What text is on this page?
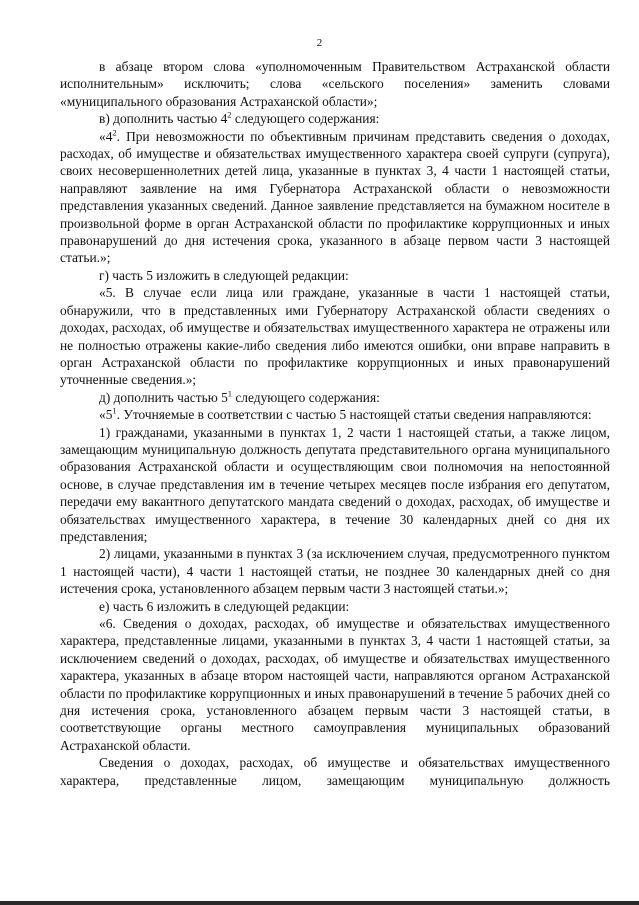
2

в абзаце втором слова «уполномоченным Правительством Астраханской области исполнительным» исключить; слова «сельского поселения» заменить словами «муниципального образования Астраханской области»;

в) дополнить частью $4^2$ следующего содержания:

«$4^2$. При невозможности по объективным причинам представить сведения о доходах, расходах, об имуществе и обязательствах имущественного характера своей супруги (супруга), своих несовершеннолетних детей лица, указанные в пунктах 3, 4 части 1 настоящей статьи, направляют заявление на имя Губернатора Астраханской области о невозможности представления указанных сведений. Данное заявление представляется на бумажном носителе в произвольной форме в орган Астраханской области по профилактике коррупционных и иных правонарушений до дня истечения срока, указанного в абзаце первом части 3 настоящей статьи.»;

г) часть 5 изложить в следующей редакции:

«5. В случае если лица или граждане, указанные в части 1 настоящей статьи, обнаружили, что в представленных ими Губернатору Астраханской области сведениях о доходах, расходах, об имуществе и обязательствах имущественного характера не отражены или не полностью отражены какие-либо сведения либо имеются ошибки, они вправе направить в орган Астраханской области по профилактике коррупционных и иных правонарушений уточненные сведения.»;

д) дополнить частью $5^1$ следующего содержания:

«$5^1$. Уточняемые в соответствии с частью 5 настоящей статьи сведения направляются:

1) гражданами, указанными в пунктах 1, 2 части 1 настоящей статьи, а также лицом, замещающим муниципальную должность депутата представительного органа муниципального образования Астраханской области и осуществляющим свои полномочия на непостоянной основе, в случае представления им в течение четырех месяцев после избрания его депутатом, передачи ему вакантного депутатского мандата сведений о доходах, расходах, об имуществе и обязательствах имущественного характера, в течение 30 календарных дней со дня их представления;

2) лицами, указанными в пунктах 3 (за исключением случая, предусмотренного пунктом 1 настоящей части), 4 части 1 настоящей статьи, не позднее 30 календарных дней со дня истечения срока, установленного абзацем первым части 3 настоящей статьи.»;

е) часть 6 изложить в следующей редакции:

«6. Сведения о доходах, расходах, об имуществе и обязательствах имущественного характера, представленные лицами, указанными в пунктах 3, 4 части 1 настоящей статьи, за исключением сведений о доходах, расходах, об имуществе и обязательствах имущественного характера, указанных в абзаце втором настоящей части, направляются органом Астраханской области по профилактике коррупционных и иных правонарушений в течение 5 рабочих дней со дня истечения срока, установленного абзацем первым части 3 настоящей статьи, в соответствующие органы местного самоуправления муниципальных образований Астраханской области.

Сведения о доходах, расходах, об имуществе и обязательствах имущественного характера, представленные лицом, замещающим муниципальную должность
